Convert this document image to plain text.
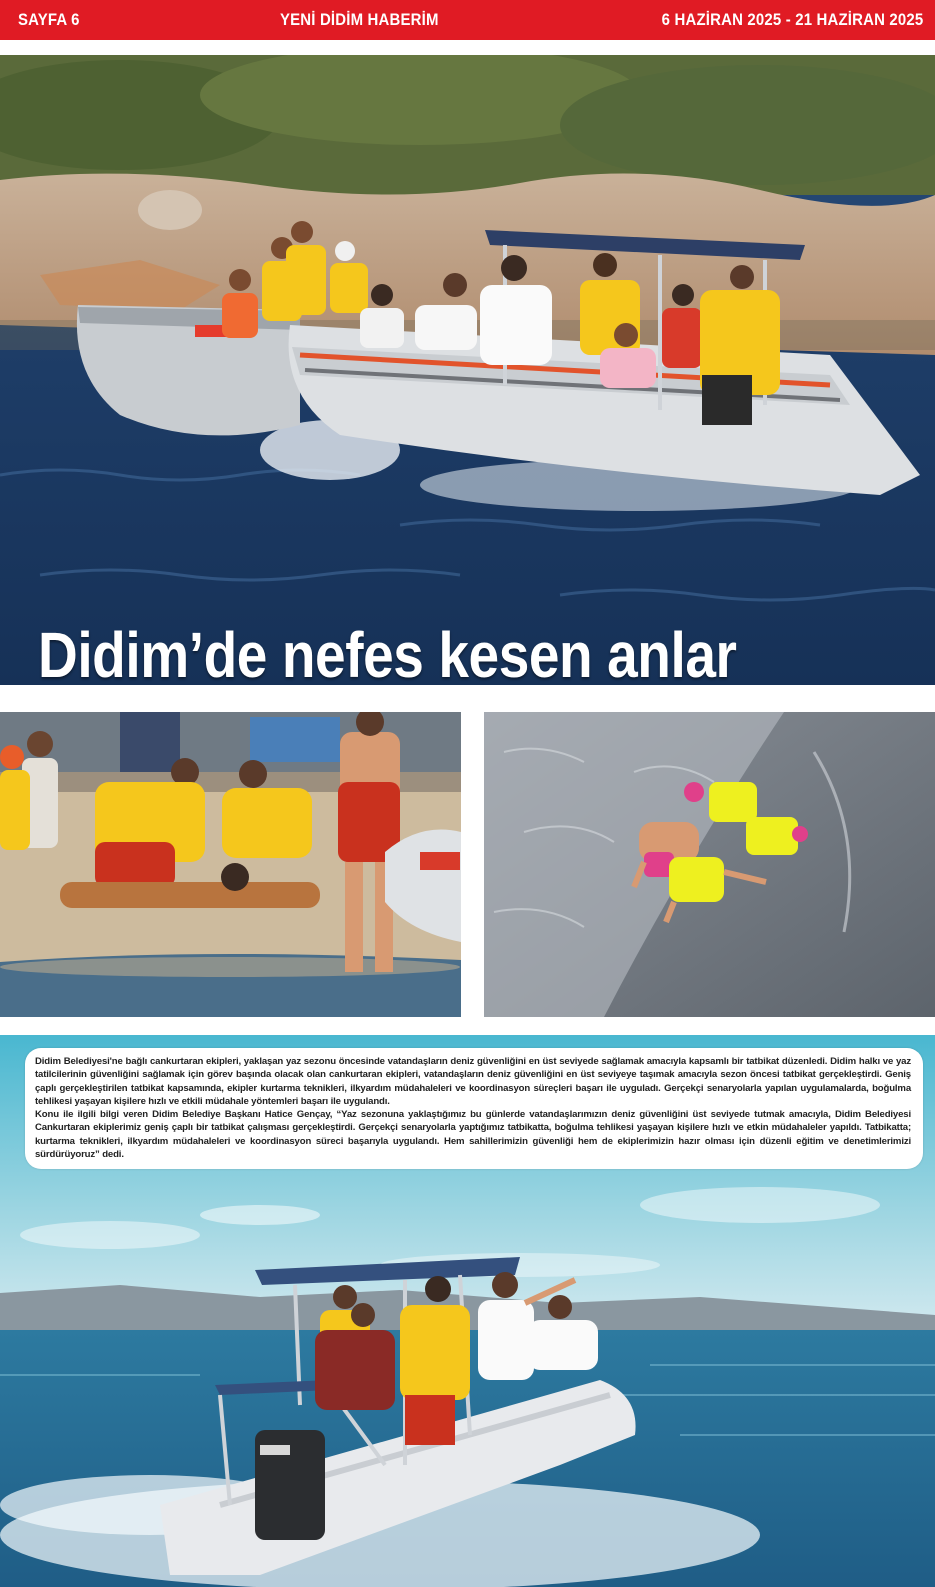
SAYFA 6	YENİ DİDİM HABERİM	6 HAZİRAN 2025 - 21 HAZİRAN 2025
Didim’de nefes kesen anlar

Didim Belediyesi'ne bağlı cankurtaran ekipleri, yaklaşan yaz sezonu öncesinde vatandaşların deniz güvenliğini en üst seviyede sağlamak amacıyla kapsamlı bir tatbikat düzenledi. Didim halkı ve yaz tatilcilerinin güvenliğini sağlamak için görev başında olacak olan cankurtaran ekipleri, vatandaşların deniz güvenliğini en üst seviyeye taşımak amacıyla sezon öncesi tatbikat gerçekleştirdi. Geniş çaplı gerçekleştirilen tatbikat kapsamında, ekipler kurtarma teknikleri, ilkyardım müdahaleleri ve koordinasyon süreçleri başarı ile uyguladı. Gerçekçi senaryolarla yapılan uygulamalarda, boğulma tehlikesi yaşayan kişilere hızlı ve etkili müdahale yöntemleri başarı ile uygulandı.

Konu ile ilgili bilgi veren Didim Belediye Başkanı Hatice Gençay, “Yaz sezonuna yaklaştığımız bu günlerde vatandaşlarımızın deniz güvenliğini üst seviyede tutmak amacıyla, Didim Belediyesi Cankurtaran ekiplerimiz geniş çaplı bir tatbikat çalışması gerçekleştirdi. Gerçekçi senaryolarla yaptığımız tatbikatta, boğulma tehlikesi yaşayan kişilere hızlı ve etkin müdahaleler yapıldı. Tatbikatta; kurtarma teknikleri, ilkyardım müdahaleleri ve koordinasyon süreci başarıyla uygulandı. Hem sahillerimizin güvenliği hem de ekiplerimizin hazır olması için düzenli eğitim ve denetimlerimizi sürdürüyoruz” dedi.
